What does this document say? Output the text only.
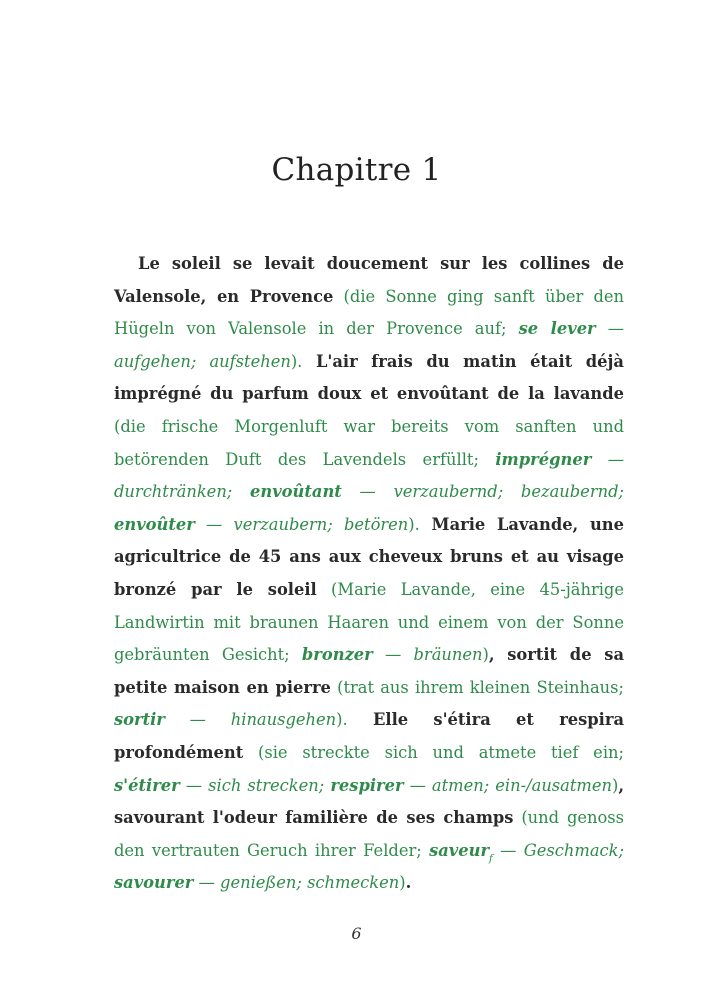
Chapitre 1

Le soleil se levait doucement sur les collines de Valensole, en Provence (die Sonne ging sanft über den Hügeln von Valensole in der Provence auf; se lever — aufgehen; aufstehen). L'air frais du matin était déjà imprégné du parfum doux et envoûtant de la lavande (die frische Morgenluft war bereits vom sanften und betörenden Duft des Lavendels erfüllt; imprégner — durchtränken; envoûtant — verzaubernd; bezaubernd; envoûter — verzaubern; betören). Marie Lavande, une agricultrice de 45 ans aux cheveux bruns et au visage bronzé par le soleil (Marie Lavande, eine 45-jährige Landwirtin mit braunen Haaren und einem von der Sonne gebräunten Gesicht; bronzer — bräunen), sortit de sa petite maison en pierre (trat aus ihrem kleinen Steinhaus; sortir — hinausgehen). Elle s'étira et respira profondément (sie streckte sich und atmete tief ein; s'étirer — sich strecken; respirer — atmen; ein-/ausatmen), savourant l'odeur familière de ses champs (und genoss den vertrauten Geruch ihrer Felder; saveur$_f$ — Geschmack; savourer — genießen; schmecken).

6
